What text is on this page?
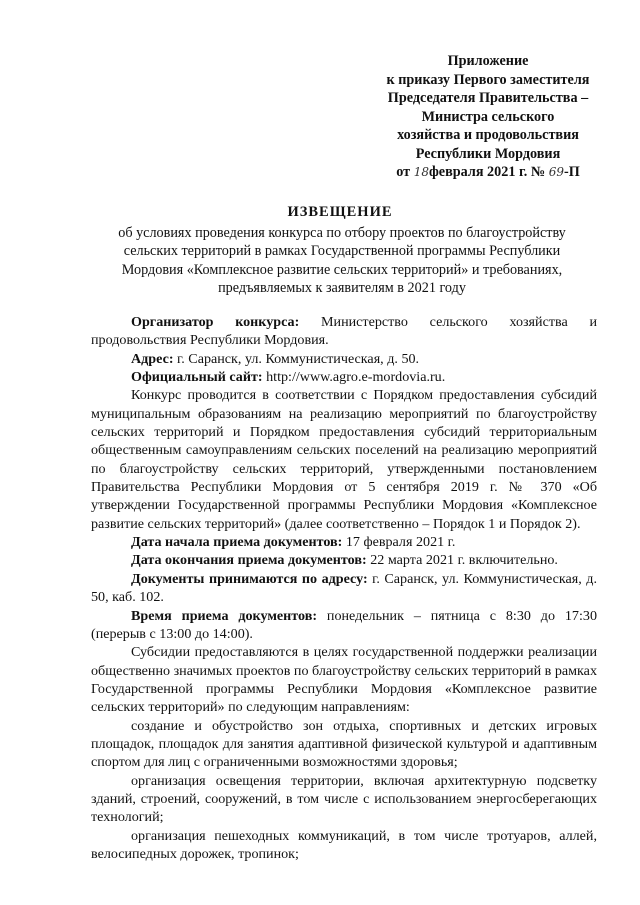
Приложение
к приказу Первого заместителя
Председателя Правительства –
Министра сельского
хозяйства и продовольствия
Республики Мордовия
от 18февраля 2021 г. № 69-П
ИЗВЕЩЕНИЕ
об условиях проведения конкурса по отбору проектов по благоустройству
сельских территорий в рамках Государственной программы Республики
Мордовия «Комплексное развитие сельских территорий» и требованиях,
предъявляемых к заявителям в 2021 году

Организатор конкурса: Министерство сельского хозяйства и продовольствия Республики Мордовия.

Адрес: г. Саранск, ул. Коммунистическая, д. 50.

Официальный сайт: http://www.agro.e-mordovia.ru.

Конкурс проводится в соответствии с Порядком предоставления субсидий муниципальным образованиям на реализацию мероприятий по благоустройству сельских территорий и Порядком предоставления субсидий территориальным общественным самоуправлениям сельских поселений на реализацию мероприятий по благоустройству сельских территорий, утвержденными постановлением Правительства Республики Мордовия от 5 сентября 2019 г. № 370 «Об утверждении Государственной программы Республики Мордовия «Комплексное развитие сельских территорий» (далее соответственно – Порядок 1 и Порядок 2).

Дата начала приема документов: 17 февраля 2021 г.

Дата окончания приема документов: 22 марта 2021 г. включительно.

Документы принимаются по адресу: г. Саранск, ул. Коммунистическая, д. 50, каб. 102.

Время приема документов: понедельник – пятница с 8:30 до 17:30 (перерыв с 13:00 до 14:00).

Субсидии предоставляются в целях государственной поддержки реализации общественно значимых проектов по благоустройству сельских территорий в рамках Государственной программы Республики Мордовия «Комплексное развитие сельских территорий» по следующим направлениям:

создание и обустройство зон отдыха, спортивных и детских игровых площадок, площадок для занятия адаптивной физической культурой и адаптивным спортом для лиц с ограниченными возможностями здоровья;

организация освещения территории, включая архитектурную подсветку зданий, строений, сооружений, в том числе с использованием энергосберегающих технологий;

организация пешеходных коммуникаций, в том числе тротуаров, аллей, велосипедных дорожек, тропинок;
